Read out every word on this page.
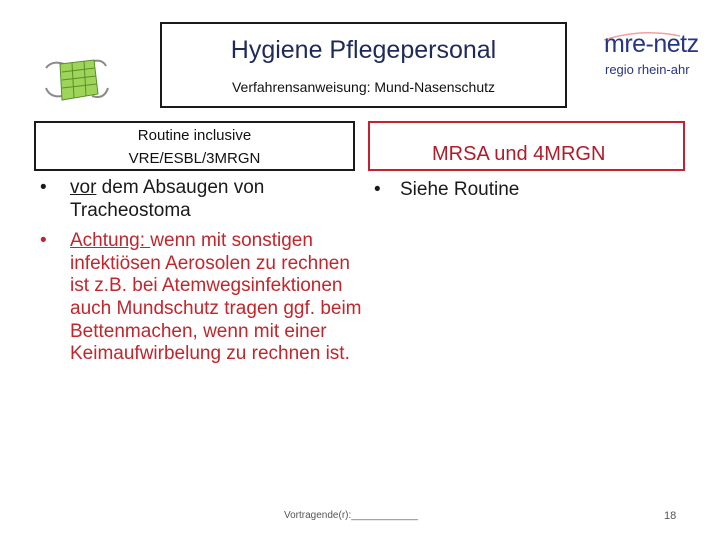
Hygiene Pflegepersonal
Verfahrensanweisung: Mund-Nasenschutz
mre-netz
regio rhein-ahr
Routine inclusive
VRE/ESBL/3MRGN	MRSA und 4MRGN
• vor dem Absaugen von Tracheostoma
• Achtung: wenn mit sonstigen infektiösen Aerosolen zu rechnen ist z.B. bei Atemwegsinfektionen auch Mundschutz tragen ggf. beim Bettenmachen, wenn mit einer Keimaufwirbelung zu rechnen ist.
• Siehe Routine
Vortragende(r):____________	18
